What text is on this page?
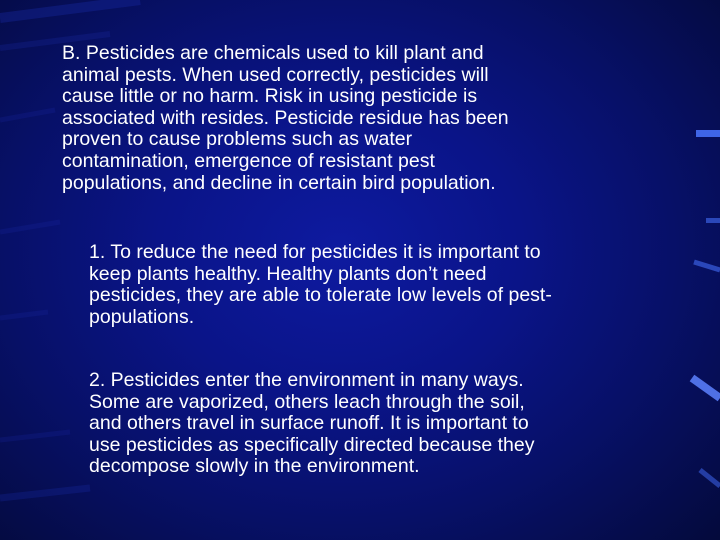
B. Pesticides are chemicals used to kill plant and
animal pests. When used correctly, pesticides will
cause little or no harm. Risk in using pesticide is
associated with resides. Pesticide residue has been
proven to cause problems such as water
contamination, emergence of resistant pest
populations, and decline in certain bird population.

1. To reduce the need for pesticides it is important to
keep plants healthy. Healthy plants don’t need
pesticides, they are able to tolerate low levels of pest-
populations.

2. Pesticides enter the environment in many ways.
Some are vaporized, others leach through the soil,
and others travel in surface runoff. It is important to
use pesticides as specifically directed because they
decompose slowly in the environment.
